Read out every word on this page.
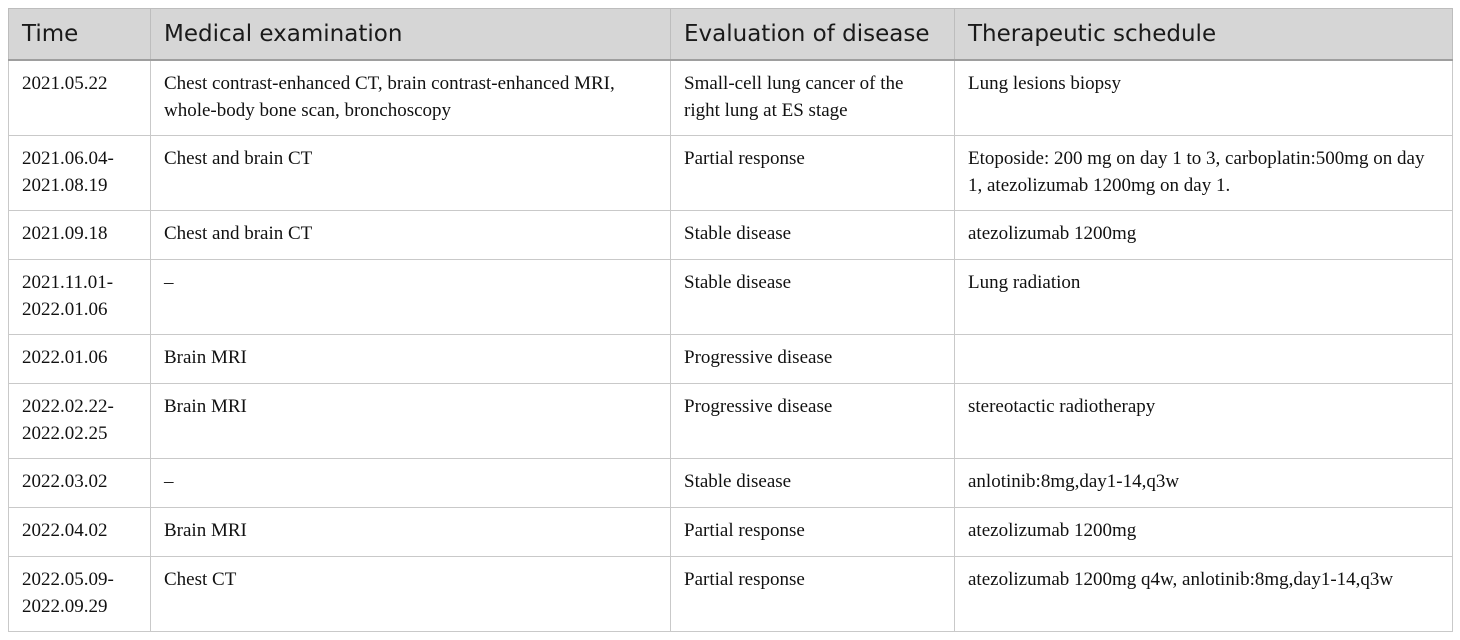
Time	Medical examination	Evaluation of disease	Therapeutic schedule
2021.05.22	Chest contrast-enhanced CT, brain contrast-enhanced MRI, whole-body bone scan, bronchoscopy	Small-cell lung cancer of the right lung at ES stage	Lung lesions biopsy
2021.06.04-2021.08.19	Chest and brain CT	Partial response	Etoposide: 200 mg on day 1 to 3, carboplatin:500mg on day 1, atezolizumab 1200mg on day 1.
2021.09.18	Chest and brain CT	Stable disease	atezolizumab 1200mg
2021.11.01-2022.01.06	–	Stable disease	Lung radiation
2022.01.06	Brain MRI	Progressive disease	
2022.02.22-2022.02.25	Brain MRI	Progressive disease	stereotactic radiotherapy
2022.03.02	–	Stable disease	anlotinib:8mg,day1-14,q3w
2022.04.02	Brain MRI	Partial response	atezolizumab 1200mg
2022.05.09-2022.09.29	Chest CT	Partial response	atezolizumab 1200mg q4w, anlotinib:8mg,day1-14,q3w
